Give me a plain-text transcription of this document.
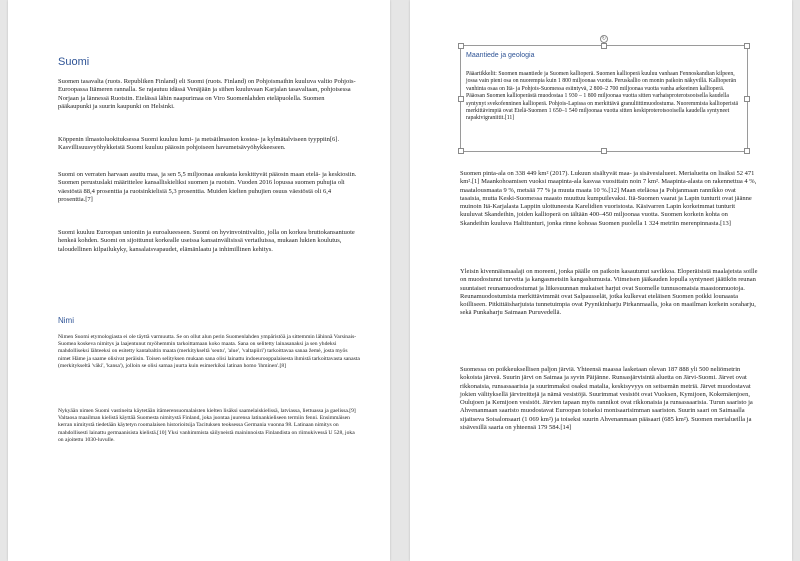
Suomi

Suomen tasavalta (ruots. Republiken Finland) eli Suomi (ruots. Finland) on Pohjoismaihin kuuluva valtio Pohjois-Euroopassa Itämeren rannalla. Se rajautuu idässä Venäjään ja siihen kuuluvaan Karjalan tasavaltaan, pohjoisessa Norjaan ja lännessä Ruotsiin. Etelässä lähin naapurimaa on Viro Suomenlahden eteläpuolella. Suomen pääkaupunki ja suurin kaupunki on Helsinki.

Köppenin ilmastoluokituksessa Suomi kuuluu lumi- ja metsäilmaston kostea- ja kylmätalviseen tyyppiin[6]. Kasvillisuusvyöhykkeistä Suomi kuuluu pääosin pohjoiseen havumetsävyöhykkeeseen.

Suomi on verraten harvaan asuttu maa, ja sen 5,5 miljoonaa asukasta keskittyvät pääosin maan etelä- ja keskiosiin. Suomen perustuslaki määrittelee kansalliskieliksi suomen ja ruotsin. Vuoden 2016 lopussa suomen puhujia oli väestöstä 88,4 prosenttia ja ruotsinkielisiä 5,3 prosenttia. Muiden kielten puhujien osuus väestöstä oli 6,4 prosenttia.[7]

Suomi kuuluu Euroopan unioniin ja euroalueeseen. Suomi on hyvinvointivaltio, jolla on korkea bruttokansantuote henkeä kohden. Suomi on sijoittunut korkealle useissa kansainvälisissä vertailuissa, mukaan lukien koulutus, taloudellinen kilpailukyky, kansalaisvapaudet, elämänlaatu ja inhimillinen kehitys.

Nimi

Nimen Suomi etymologiasta ei ole täyttä varmuutta. Se on ollut alun perin Suomenlahden ympäristöä ja sittemmin lähinnä Varsinais-Suomea koskeva nimitys ja laajentunut myöhemmin tarkoittamaan koko maata. Sana on selitetty lainasanaksi ja sen yhdeksi mahdolliseksi lähteeksi on esitetty kantabaltin maata (merkitykseltä 'seutu', 'alue', 'valtapiiri') tarkoittavaa sanaa žemė, josta myös nimet Häme ja saame olisivat peräisin. Toisen selityksen mukaan sana olisi lainattu indoeurooppalaisesta ihmistä tarkoittavasta sanasta (merkitykseltä 'väki', 'kansa'), jolloin se olisi samaa juurta kuin esimerkiksi latinan homo 'ihminen'.[8]

Nykyään nimen Suomi vastineita käytetään itämerensuomalaisten kielten lisäksi saamelaiskielissä, latviassa, liettuassa ja gaelissa.[9] Valtaosa maailman kielistä käyttää Suomesta nimitystä Finland, joka juontaa juurensa latinankieliseen termiin fenni. Ensimmäisen kerran nimitystä tiedetään käytetyn roomalaisen historioitsija Tacituksen teoksessa Germania vuonna 98. Latinaan nimitys on mahdollisesti lainattu germaanisista kielistä.[10] Yksi vanhimmista säilyneistä maininnoista Finlandista on riimukivessä U 528, joka on ajoitettu 1030-luvulle.

↻

Maantiede ja geologia

Pääartikkelit: Suomen maantiede ja Suomen kallioperä. Suomen kallioperä kuuluu vanhaan Fennoskandian kilpeen, jossa vain pieni osa on nuorempia kuin 1 800 miljoonaa vuotta. Peruskallio on monin paikoin näkyvillä. Kallioperän vanhinta osaa on Itä- ja Pohjois-Suomessa esiintyvä, 2 800–2 700 miljoonaa vuotta vanha arkeeinen kallioperä. Pääosan Suomen kallioperästä muodostaa 1 930 – 1 800 miljoonaa vuotta sitten varhaisproterotsooisella kaudella syntynyt svekofenninen kallioperä. Pohjois-Lapissa on merkittävä granuliittimuodostuma. Nuoremmista kallioperistä merkittävimpiä ovat Etelä-Suomen 1 650–1 540 miljoonaa vuotta sitten keskiproterotsooisella kaudella syntyneet rapakivigraniitit.[11]

Suomen pinta-ala on 338 449 km² (2017). Lukuun sisältyvät maa- ja sisävesialueet. Merialueita on lisäksi 52 471 km².[1] Maankohoamisen vuoksi maapinta-ala kasvaa vuosittain noin 7 km². Maapinta-alasta on rakennettua 4 %, maatalousmaata 9 %, metsää 77 % ja muuta maata 10 %.[12] Maan eteläosa ja Pohjanmaan rannikko ovat tasaisia, mutta Keski-Suomessa maasto muuttuu kumpuilevaksi. Itä-Suomen vaarat ja Lapin tunturit ovat jäänne muinoin Itä-Karjalasta Lappiin ulottuneesta Karelidien vuoristosta. Käsivarren Lapin korkeimmat tunturit kuuluvat Skandeihin, joiden kallioperä on iältään 400–450 miljoonaa vuotta. Suomen korkein kohta on Skandeihin kuuluva Haltitunturi, jonka rinne kohoaa Suomen puolella 1 324 metriin merenpinnasta.[13]

Yleisin kivennäismaalaji on moreeni, jonka päälle on paikoin kasautunut savikkoa. Eloperäisistä maalajeista soille on muodostunut turvetta ja kangasmetsiin kangashumusta. Viimeisen jääkauden lopulla syntyneet jäätikön reunan suuntaiset reunamuodostumat ja liikesuunnan mukaiset harjut ovat Suomelle tunnusomaisia maastonmuotoja. Reunamuodostumista merkittävimmät ovat Salpausselät, jotka kulkevat eteläisen Suomen poikki lounaasta koilliseen. Pitkittäisharjuista tunnetuimpia ovat Pyynikinharju Pirkanmaalla, joka on maailman korkein soraharju, sekä Punkaharju Saimaan Puruvedellä.

Suomessa on poikkeuksellisen paljon järviä. Yhteensä maassa lasketaan olevan 187 888 yli 500 neliömetrin kokoista järveä. Suurin järvi on Saimaa ja syvin Päijänne. Runsasjärvisintä aluetta on Järvi-Suomi. Järvet ovat rikkonaisia, runsassaarisia ja suurimmaksi osaksi matalia, keskisyvyys on seitsemän metriä. Järvet muodostavat jokien välityksellä järvireittejä ja nämä vesistöjä. Suurimmat vesistöt ovat Vuoksen, Kymijoen, Kokemäenjoen, Oulujoen ja Kemijoen vesistöt. Järvien tapaan myös rannikot ovat rikkonaisia ja runsassaarisia. Turun saaristo ja Ahvenanmaan saaristo muodostavat Euroopan toiseksi monisaarisimman saariston. Suurin saari on Saimaalla sijaitseva Soisalonsaari (1 069 km²) ja toiseksi suurin Ahvenanmaan pääsaari (685 km²). Suomen merialueilla ja sisävesillä saaria on yhteensä 179 584.[14]
